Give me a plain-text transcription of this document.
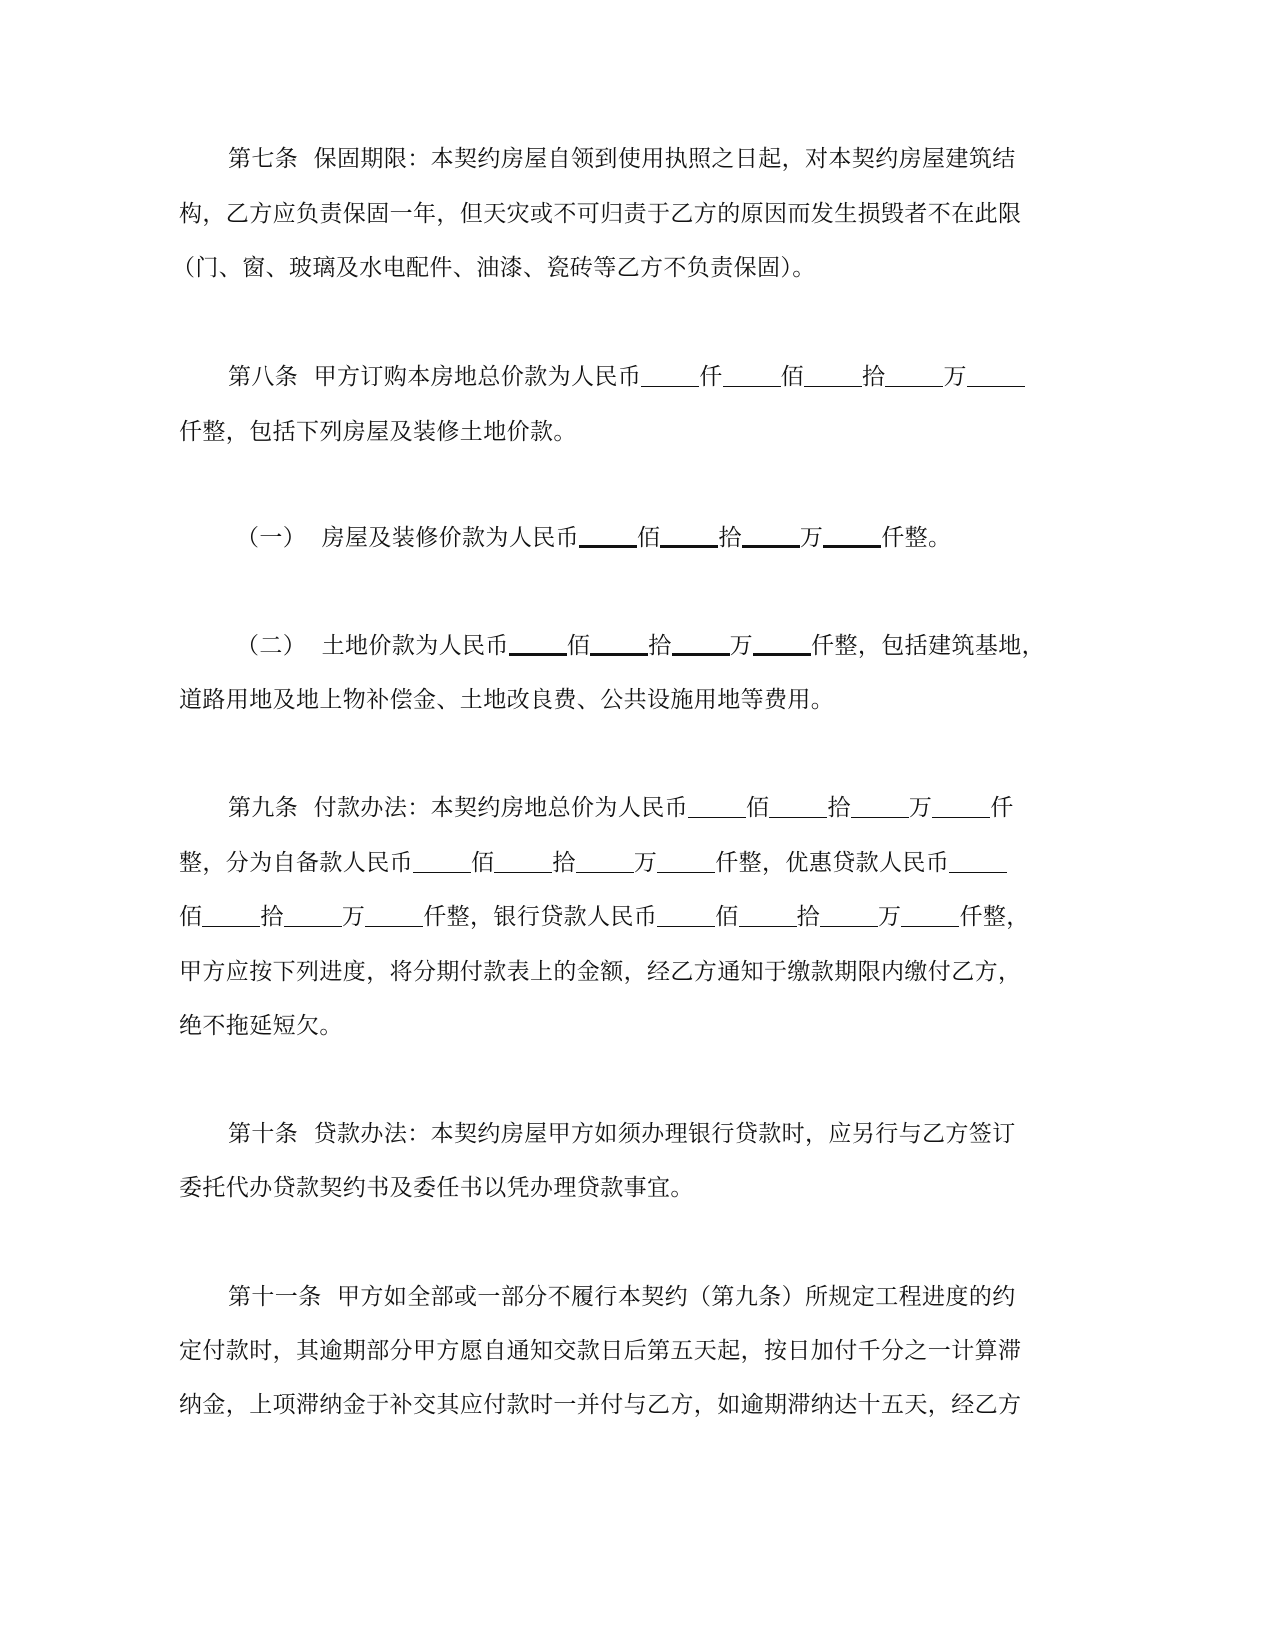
第七条  保固期限：本契约房屋自领到使用执照之日起，对本契约房屋建筑结
构，乙方应负责保固一年，但天灾或不可归责于乙方的原因而发生损毁者不在此限
（门、窗、玻璃及水电配件、油漆、瓷砖等乙方不负责保固）。
第八条  甲方订购本房地总价款为人民币	仟	佰	拾	万
仟整，包括下列房屋及装修土地价款。
（一）  房屋及装修价款为人民币	佰	拾	万	仟整。
（二）  土地价款为人民币	佰	拾	万	仟整，包括建筑基地，
道路用地及地上物补偿金、土地改良费、公共设施用地等费用。
第九条  付款办法：本契约房地总价为人民币	佰	拾	万	仟
整，分为自备款人民币	佰	拾	万	仟整，优惠贷款人民币
佰	拾	万	仟整，银行贷款人民币	佰	拾	万	仟整，
甲方应按下列进度，将分期付款表上的金额，经乙方通知于缴款期限内缴付乙方，
绝不拖延短欠。
第十条  贷款办法：本契约房屋甲方如须办理银行贷款时，应另行与乙方签订
委托代办贷款契约书及委任书以凭办理贷款事宜。
第十一条  甲方如全部或一部分不履行本契约（第九条）所规定工程进度的约
定付款时，其逾期部分甲方愿自通知交款日后第五天起，按日加付千分之一计算滞
纳金，上项滞纳金于补交其应付款时一并付与乙方，如逾期滞纳达十五天，经乙方
